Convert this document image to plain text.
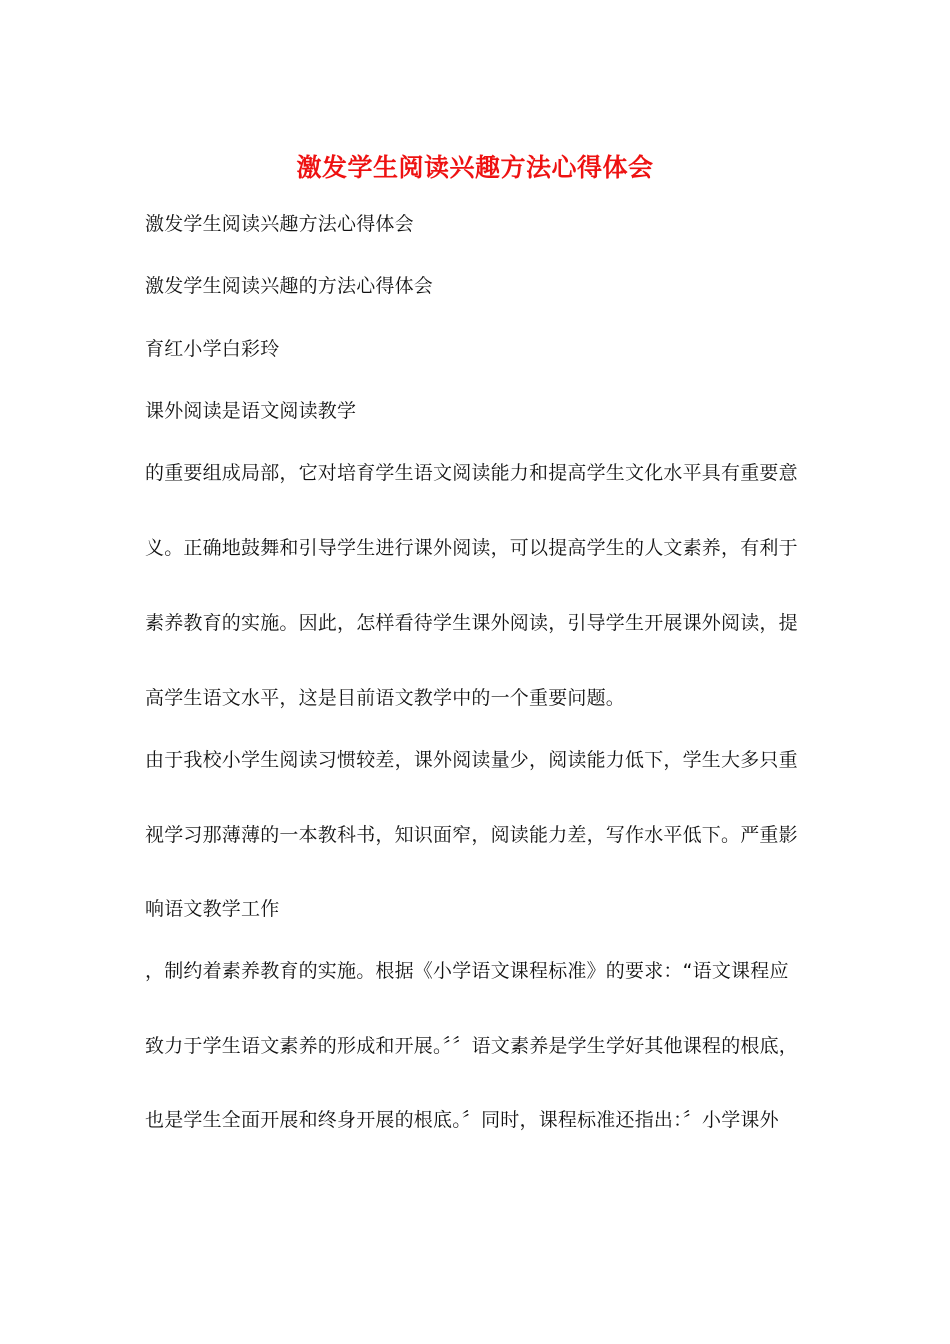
激发学生阅读兴趣方法心得体会
激发学生阅读兴趣方法心得体会
激发学生阅读兴趣的方法心得体会
育红小学白彩玲
课外阅读是语文阅读教学
的重要组成局部，它对培育学生语文阅读能力和提高学生文化水平具有重要意
义。正确地鼓舞和引导学生进行课外阅读，可以提高学生的人文素养，有利于
素养教育的实施。因此，怎样看待学生课外阅读，引导学生开展课外阅读，提
高学生语文水平，这是目前语文教学中的一个重要问题。
由于我校小学生阅读习惯较差，课外阅读量少，阅读能力低下，学生大多只重
视学习那薄薄的一本教科书，知识面窄，阅读能力差，写作水平低下。严重影
响语文教学工作
，制约着素养教育的实施。根据《小学语文课程标准》的要求：“语文课程应
致力于学生语文素养的形成和开展。〞〞语文素养是学生学好其他课程的根底，
也是学生全面开展和终身开展的根底。〞同时，课程标准还指出：〞小学课外
